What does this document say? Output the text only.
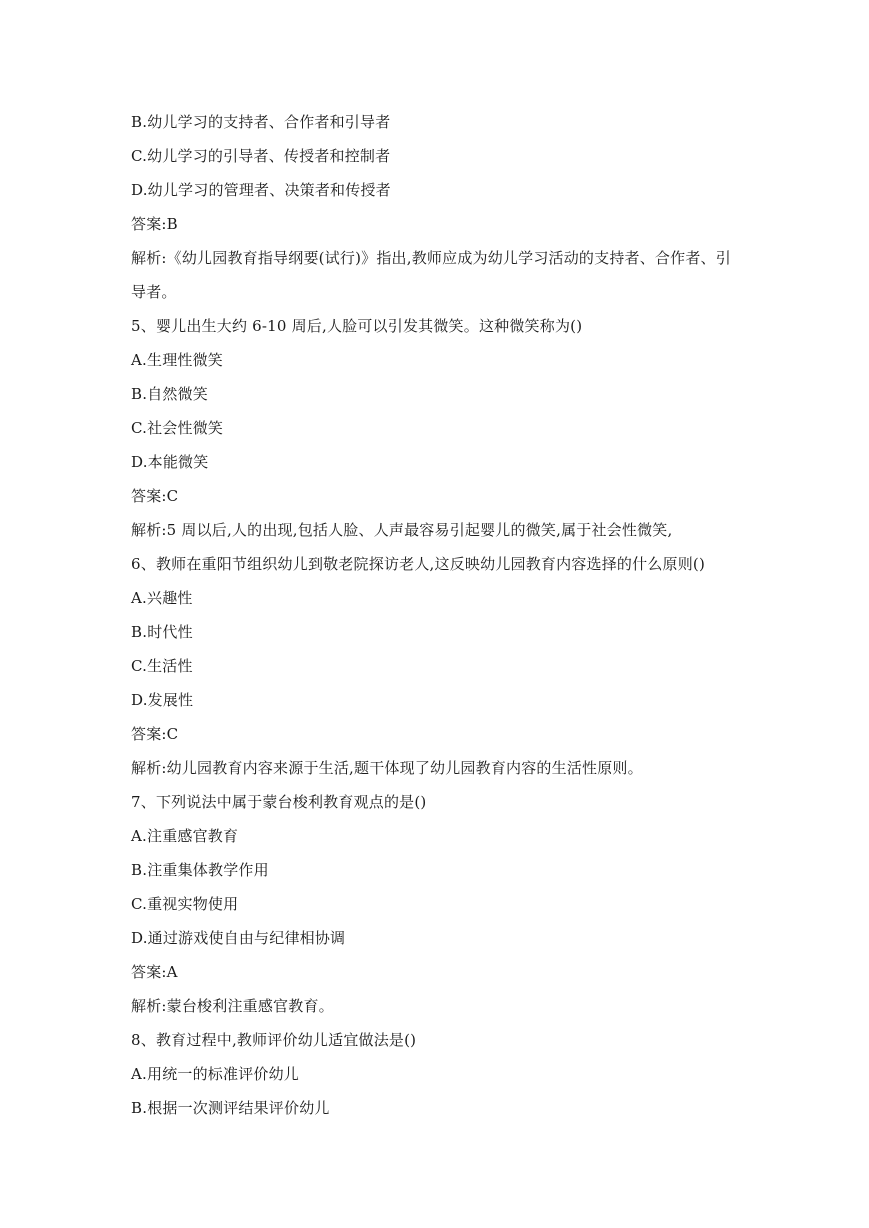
B.幼儿学习的支持者、合作者和引导者
C.幼儿学习的引导者、传授者和控制者
D.幼儿学习的管理者、决策者和传授者
答案:B
解析:《幼儿园教育指导纲要(试行)》指出,教师应成为幼儿学习活动的支持者、合作者、引
导者。
5、婴儿出生大约 6-10 周后,人脸可以引发其微笑。这种微笑称为()
A.生理性微笑
B.自然微笑
C.社会性微笑
D.本能微笑
答案:C
解析:5 周以后,人的出现,包括人脸、人声最容易引起婴儿的微笑,属于社会性微笑,
6、教师在重阳节组织幼儿到敬老院探访老人,这反映幼儿园教育内容选择的什么原则()
A.兴趣性
B.时代性
C.生活性
D.发展性
答案:C
解析:幼儿园教育内容来源于生活,题干体现了幼儿园教育内容的生活性原则。
7、下列说法中属于蒙台梭利教育观点的是()
A.注重感官教育
B.注重集体教学作用
C.重视实物使用
D.通过游戏使自由与纪律相协调
答案:A
解析:蒙台梭利注重感官教育。
8、教育过程中,教师评价幼儿适宜做法是()
A.用统一的标准评价幼儿
B.根据一次测评结果评价幼儿
